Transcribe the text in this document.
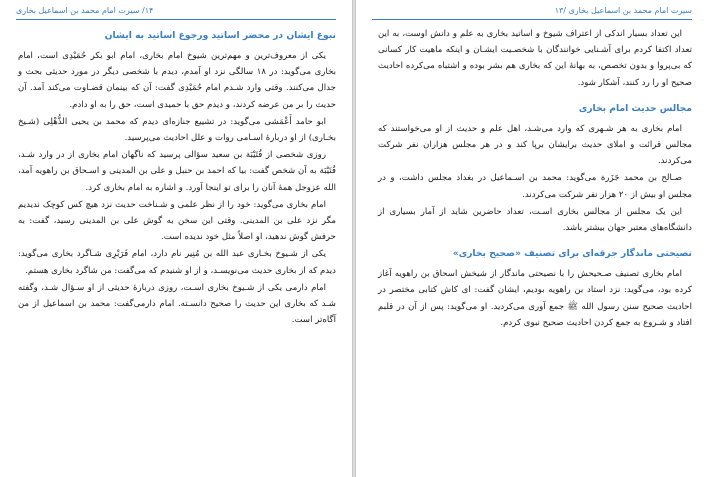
۱۴/ سیرت امام محمد بن اسماعیل بخاری
نبوغ ایشان در محضر اساتید ورجوع اساتید به ایشان

یکی از معروف‌ترین و مهم‌ترین شیوخ امام بخاری، امام ابو بکر حُمَیْدِی است، امام بخاری می‌گوید: در ۱۸ سالگی نزد او آمدم، دیدم با شخصی دیگر در مورد حدیثی بحث و جدال می‌کنند. وقتی وارد شـدم امام حُمَیْدِی گفت: آن که بینمان قضـاوت می‌کند آمد. آن حدیث را بر من عرضه کردند، و دیدم حق با حمیدی است، حق را به او دادم.

ابو حامد أَعْمَشی می‌گوید: در تشییع جنازه‌ای دیدم که محمد بن یحیی الذُّهْلِی (شـیخ بخـاری) از او دربارهٔ اسـامی روات و علل احادیث می‌پرسید.

روزی شخصی از قُتَیْبَة بن سعید سؤالی پرسید که ناگهان امام بخاری از در وارد شـد، قُتَیْبَة به آن شخص گفت: بیا که احمد بن حنبل و علی بن المدینی و اسـحاق بن راهویه آمد، الله عزوجل همهٔ آنان را برای تو اینجا آورد. و اشاره به امام بخاری کرد.

امام بخاری می‌گوید: خود را از نظر علمی و شـناخت حدیث نزد هیچ کس کوچک ندیدیم مگر نزد علی بن المدینی. وقتی این سخن به گوش علی بن المدینی رسید، گفت: به حرفش گوش ندهید، او اصلاً مثل خود ندیده است.

یکی از شـیوخ بخـاری عبد الله بن مُنِیر نام دارد، امام فَرَبْرِی شـاگرد بخاری می‌گوید: دیدم که از بخاری حدیث می‌نویسـد، و از او شنیدم که می‌گفت: من شاگرد بخاری هستم.

امام دارمی یکی از شـیوخ بخاری اسـت، روزی دربارهٔ حدیثی از او سـؤال شـد، وگفته شـد که بخاری این حدیث را صحیح دانسـته. امام دارمی‌گفت: محمد بن اسماعیل از من آگاه‌تر است.

سیرت امام محمد بن اسماعیل بخاری /۱۳

این تعداد بسیار اندکی از اعتراف شیوخ و اساتید بخاری به علم و دانش اوست، به این تعداد اکتفا کردم برای آشـنایی خوانندگان با شخصـیت ایشـان و اینکه ماهیت کار کسانی که بی‌پروا و بدون تخصص، به بهانهٔ این که بخاری هم بشر بوده و اشتباه می‌کرده احادیث صحیح او را رد کنند، آشکار شود.

مجالس حدیث امام بخاری

امام بخاری به هر شـهری که وارد می‌شـد، اهل علم و حدیث از او می‌خواستند که مجالس قرائت و املای حدیث برایشان برپا کند و در هر مجلس هزاران نفر شرکت می‌کردند.

صـالح بن محمد جَزَرة می‌گوید: محمد بن اسـماعیل در بغداد مجلس داشت، و در مجلس او بیش از ۲۰ هزار نفر شرکت می‌کردند.

این یک مجلس از مجالس بخاری اسـت، تعداد حاضرین شاید از آمار بسیاری از دانشگاه‌های معتبر جهان بیشتر باشد.

نصیحتی ماندگار جرقه‌ای برای تصنیف «صحیح بخاری»

امام بخاری تصنیف صـحیحش را با نصیحتی ماندگار از شیخش اسحاق بن راهویه آغاز کرده بود، می‌گوید: نزد استاد بن راهویه بودیم، ایشان گفت: ای کاش کتابی مختصر در احادیث صحیح سنن رسول الله ﷺ جمع آوری می‌کردید. او می‌گوید: پس از آن در قلبم افتاد و شـروع به جمع کردن احادیث صحیح نبوی کردم.
